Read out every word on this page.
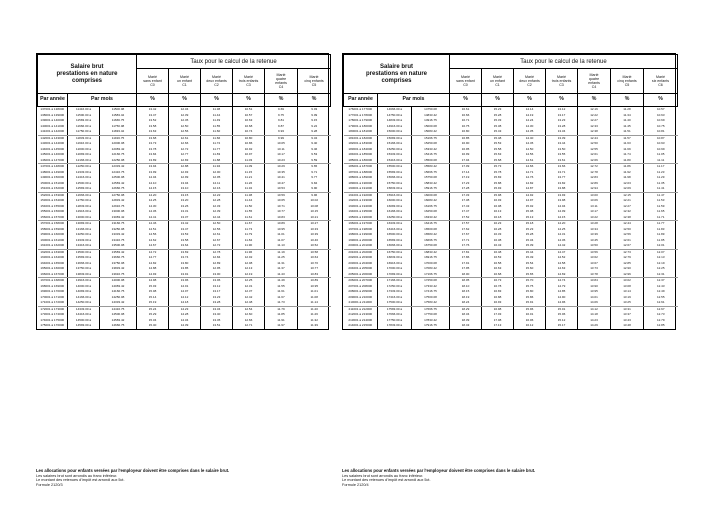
Salaire brut
prestations en nature
comprises			Taux pour le calcul de la retenue					
			Marié
sans enfant
C0	Marié
un enfant
C1	Marié
deux enfants
C2	Marié
trois enfants
C3	Marié
quatre
enfants
C4	Marié
cinq enfants
C5
Par année	Par mois		%	%	%	%	%	%
137001 à 138000	11416.00 à	11500.08	13.42	12.34	11.38	10.51	9.69	9.03
138001 à 139000	11500.00 à	11583.42	13.47	12.39	11.44	10.57	9.75	9.09
139001 à 140000	11583.00 à	11666.75	13.52	12.45	11.49	10.63	9.81	9.15
140001 à 141000	11666.00 à	11750.08	13.58	12.50	11.55	10.68	9.87	9.22
141001 à 142000	11750.00 à	11833.42	13.63	12.56	11.60	10.74	9.93	9.28
142001 à 143000	11833.00 à	11916.75	13.68	12.61	11.66	10.80	9.99	9.34
143001 à 144000	11916.00 à	12000.08	13.73	12.66	11.72	10.86	10.05	9.40
144001 à 145000	12000.00 à	12083.42	13.78	12.72	11.77	10.92	10.11	9.46
145001 à 146000	12083.00 à	12166.75	13.84	12.77	11.83	10.97	10.17	9.53
146001 à 147000	12166.00 à	12250.08	13.89	12.83	11.88	11.03	10.23	9.59
147001 à 148000	12250.00 à	12333.42	13.94	12.88	11.94	11.09	10.29	9.65
148001 à 149000	12333.00 à	12416.75	13.99	12.93	12.00	11.15	10.35	9.71
149001 à 150000	12416.00 à	12500.08	14.04	12.99	12.05	11.21	10.41	9.77
150001 à 151000	12500.00 à	12583.42	14.10	13.04	12.11	11.26	10.47	9.84
151001 à 152000	12583.00 à	12666.75	14.15	13.10	12.16	11.32	10.53	9.90
152001 à 153000	12666.00 à	12750.08	14.20	13.15	12.22	11.38	10.59	9.96
153001 à 154000	12750.00 à	12833.42	14.25	13.20	12.28	11.44	10.65	10.02
154001 à 155000	12833.00 à	12916.75	14.30	13.26	12.33	11.50	10.71	10.08
155001 à 156000	12916.00 à	13000.08	14.36	13.31	12.39	11.55	10.77	10.15
156001 à 157000	13000.00 à	13083.42	14.41	13.37	12.44	11.61	10.83	10.21
157001 à 158000	13083.00 à	13166.75	14.46	13.42	12.50	11.67	10.89	10.27
158001 à 159000	13166.00 à	13250.08	14.51	13.47	12.56	11.73	10.95	10.33
159001 à 160000	13250.00 à	13333.42	14.56	13.53	12.61	11.79	11.01	10.39
160001 à 161000	13333.00 à	13416.75	14.62	13.58	12.67	11.84	11.07	10.46
161001 à 162000	13416.00 à	13500.08	14.67	13.64	12.72	11.90	11.13	10.52
162001 à 163000	13500.00 à	13583.42	14.72	13.69	12.78	11.96	11.19	10.58
163001 à 164000	13583.00 à	13666.75	14.77	13.74	12.84	12.02	11.25	10.64
164001 à 165000	13666.00 à	13750.08	14.82	13.80	12.89	12.08	11.31	10.70
165001 à 166000	13750.00 à	13833.42	14.88	13.85	12.95	12.13	11.37	10.77
166001 à 167000	13833.00 à	13916.75	14.93	13.91	13.00	12.19	11.43	10.83
167001 à 168000	13916.00 à	14000.08	14.98	13.96	13.06	12.25	11.49	10.89
168001 à 169000	14000.00 à	14083.42	15.03	14.01	13.12	12.31	11.55	10.95
169001 à 170000	14083.00 à	14166.75	15.08	14.07	13.17	12.37	11.61	11.01
170001 à 171000	14166.00 à	14250.08	15.14	14.12	13.23	12.42	11.67	11.08
171001 à 172000	14250.00 à	14333.42	15.19	14.18	13.28	12.48	11.73	11.14
172001 à 173000	14333.00 à	14416.75	15.24	14.23	13.34	12.54	11.79	11.20
173001 à 174000	14416.00 à	14500.08	15.29	14.28	13.40	12.60	11.85	11.26
174001 à 175000	14500.00 à	14583.42	15.34	14.34	13.45	12.66	11.91	11.32
175001 à 176000	14583.00 à	14666.75	15.40	14.39	13.51	12.71	11.97	11.39
Salaire brut
prestations en nature
comprises			Taux pour le calcul de la retenue						
			Marié
sans enfant
C0	Marié
un enfant
C1	Marié
deux enfants
C2	Marié
trois enfants
C3	Marié
quatre
enfants
C4	Marié
cinq enfants
C5	Marié
six enfants
C6
Par année	Par mois		%	%	%	%	%	%	%
176001 à 177000	14666.00 à	14750.08	16.61	15.23	14.14	13.12	12.16	11.28	10.57
177001 à 178000	14750.00 à	14833.42	16.66	15.28	14.19	13.17	12.22	11.34	10.63
178001 à 179000	14833.00 à	14916.75	16.71	15.33	14.24	13.23	12.27	11.40	10.69
179001 à 180000	14916.00 à	15000.08	16.75	15.38	14.30	13.28	12.33	11.45	10.75
180001 à 181000	15000.00 à	15083.42	16.80	15.43	14.35	13.34	12.38	11.51	10.81
181001 à 182000	15083.00 à	15166.75	16.85	15.48	14.40	13.39	12.44	11.57	10.87
182001 à 183000	15166.00 à	15250.08	16.90	15.53	14.45	13.44	12.50	11.63	10.93
183001 à 184000	15250.00 à	15333.42	16.95	15.58	14.50	13.50	12.55	11.69	10.99
184001 à 185000	15333.00 à	15416.75	16.99	15.63	14.56	13.55	12.61	11.74	11.05
185001 à 186000	15416.00 à	15500.08	17.04	15.68	14.61	13.61	12.66	11.80	11.11
186001 à 187000	15500.00 à	15583.42	17.09	15.73	14.66	13.66	12.72	11.86	11.17
187001 à 188000	15583.00 à	15666.75	17.14	15.78	14.71	13.71	12.78	11.92	11.23
188001 à 189000	15666.00 à	15750.08	17.19	15.83	14.76	13.77	12.83	11.98	11.29
189001 à 190000	15750.00 à	15833.42	17.23	15.88	14.82	13.82	12.89	12.03	11.35
190001 à 191000	15833.00 à	15916.75	17.28	15.93	14.87	13.88	12.94	12.09	11.41
191001 à 192000	15916.00 à	16000.08	17.33	15.98	14.92	13.93	13.00	12.15	11.47
192001 à 193000	16000.00 à	16083.42	17.38	16.03	14.97	13.98	13.06	12.21	11.53
193001 à 194000	16083.00 à	16166.75	17.43	16.08	15.02	14.04	13.11	12.27	11.59
194001 à 195000	16166.00 à	16250.08	17.47	16.13	15.08	14.09	13.17	12.32	11.65
195001 à 196000	16250.00 à	16333.42	17.52	16.18	15.13	14.15	13.22	12.38	11.71
196001 à 197000	16333.00 à	16416.75	17.57	16.23	15.18	14.20	13.28	12.44	11.77
197001 à 198000	16416.00 à	16500.08	17.62	16.28	15.23	14.25	13.34	12.50	11.83
198001 à 199000	16500.00 à	16583.42	17.67	16.33	15.28	14.31	13.39	12.56	11.89
199001 à 200000	16583.00 à	16666.75	17.71	16.38	15.34	14.36	13.45	12.61	11.95
200001 à 201000	16666.00 à	16750.08	17.76	16.43	15.39	14.42	13.50	12.67	12.01
201001 à 202000	16750.00 à	16833.42	17.81	16.48	15.44	14.47	13.56	12.73	12.07
202001 à 203000	16833.00 à	16916.75	17.86	16.53	15.49	14.52	13.62	12.79	12.13
203001 à 204000	16916.00 à	17000.08	17.91	16.58	15.54	14.58	13.67	12.85	12.19
204001 à 205000	17000.00 à	17083.42	17.95	16.63	15.60	14.63	13.73	12.90	12.25
205001 à 206000	17083.00 à	17166.75	18.00	16.68	15.65	14.69	13.78	12.96	12.31
206001 à 207000	17166.00 à	17250.08	18.05	16.73	15.70	14.74	13.84	13.02	12.37
207001 à 208000	17250.00 à	17333.42	18.10	16.78	15.75	14.79	13.90	13.08	12.43
208001 à 209000	17333.00 à	17416.75	18.15	16.83	15.80	14.85	13.95	13.14	12.49
209001 à 210000	17416.00 à	17500.08	18.19	16.88	15.86	14.90	14.01	13.19	12.55
210001 à 211000	17500.00 à	17583.42	18.24	16.93	15.91	14.96	14.06	13.25	12.61
211001 à 212000	17583.00 à	17666.75	18.29	16.98	15.96	15.01	14.12	13.31	12.67
212001 à 213000	17666.00 à	17750.08	18.34	17.03	16.01	15.06	14.18	13.37	12.73
213001 à 214000	17750.00 à	17833.42	18.39	17.08	16.06	15.12	14.23	13.43	12.79
214001 à 215000	17833.00 à	17916.75	18.43	17.13	16.12	15.17	14.29	13.48	12.85
Les allocations pour enfants versées par l'employeur doivent être comprises dans le salaire brut.
Les salaires brut sont arrondis au franc inférieur.
Le montant des retenues d'impôt est arrondi aux 5ct.
Formule 2120/3
Les allocations pour enfants versées par l'employeur doivent être comprises dans le salaire brut.
Les salaires brut sont arrondis au franc inférieur.
Le montant des retenues d'impôt est arrondi aux 5ct.
Formule 2120/4
